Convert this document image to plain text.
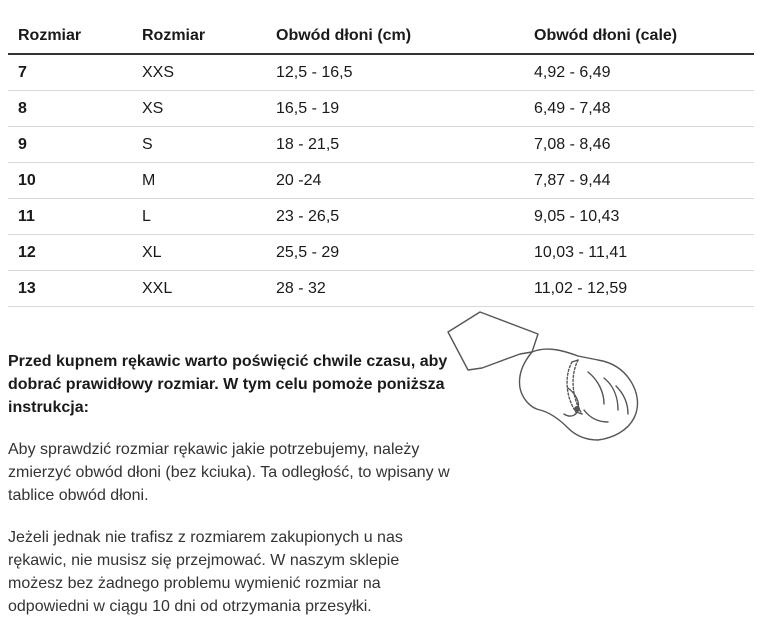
Rozmiar	Rozmiar	Obwód dłoni (cm)	Obwód dłoni (cale)
7	XXS	12,5 - 16,5	4,92 - 6,49
8	XS	16,5 - 19	6,49 - 7,48
9	S	18 - 21,5	7,08 - 8,46
10	M	20 -24	7,87 - 9,44
11	L	23 - 26,5	9,05 - 10,43
12	XL	25,5 - 29	10,03 - 11,41
13	XXL	28 - 32	11,02 - 12,59

Przed kupnem rękawic warto poświęcić chwile czasu, aby dobrać prawidłowy rozmiar. W tym celu pomoże poniższa instrukcja:

Aby sprawdzić rozmiar rękawic jakie potrzebujemy, należy zmierzyć obwód dłoni (bez kciuka). Ta odległość, to wpisany w tablice obwód dłoni.

Jeżeli jednak nie trafisz z rozmiarem zakupionych u nas rękawic, nie musisz się przejmować. W naszym sklepie możesz bez żadnego problemu wymienić rozmiar na odpowiedni w ciągu 10 dni od otrzymania przesyłki.
